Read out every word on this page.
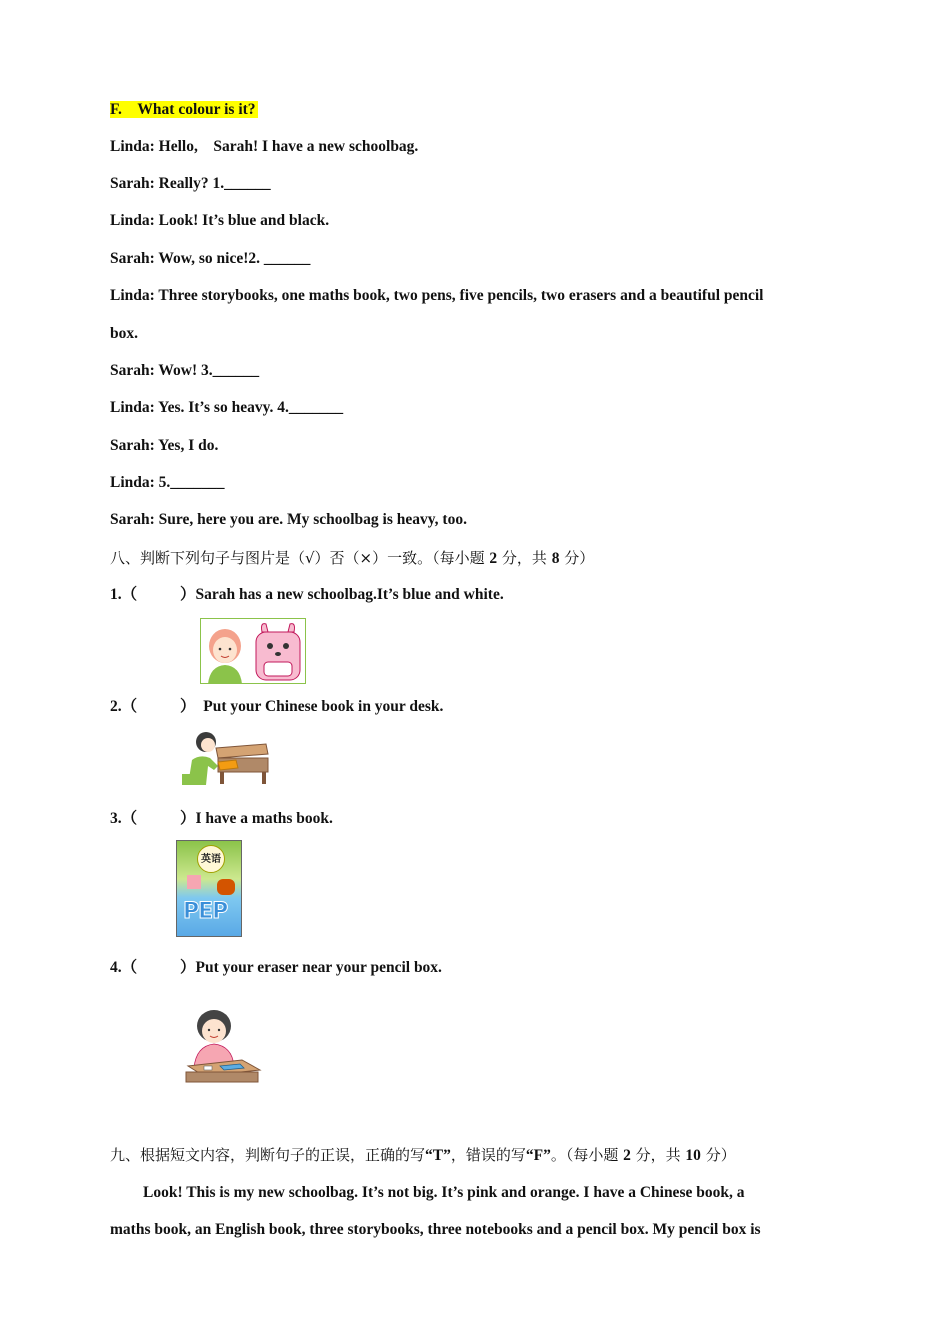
F.　What colour is it?
Linda: Hello,　Sarah! I have a new schoolbag.
Sarah: Really? 1.______
Linda: Look! It’s blue and black.
Sarah: Wow, so nice!2. ______
Linda: Three storybooks, one maths book, two pens, five pencils, two erasers and a beautiful pencil
box.
Sarah: Wow! 3.______
Linda: Yes. It’s so heavy. 4._______
Sarah: Yes, I do.
Linda: 5._______
Sarah: Sure, here you are. My schoolbag is heavy, too.
八、判断下列句子与图片是（√）否（×）一致。（每小题 2 分，共 8 分）
1.（	）Sarah has a new schoolbag.It’s blue and white.
2.（	）　Put your Chinese book in your desk.
3.（	）I have a maths book.
英语
PEP
4.（	）Put your eraser near your pencil box.
九、根据短文内容，判断句子的正误，正确的写“T”，错误的写“F”。（每小题 2 分，共 10 分）
Look! This is my new schoolbag. It’s not big. It’s pink and orange. I have a Chinese book, a
maths book, an English book, three storybooks, three notebooks and a pencil box. My pencil box is
